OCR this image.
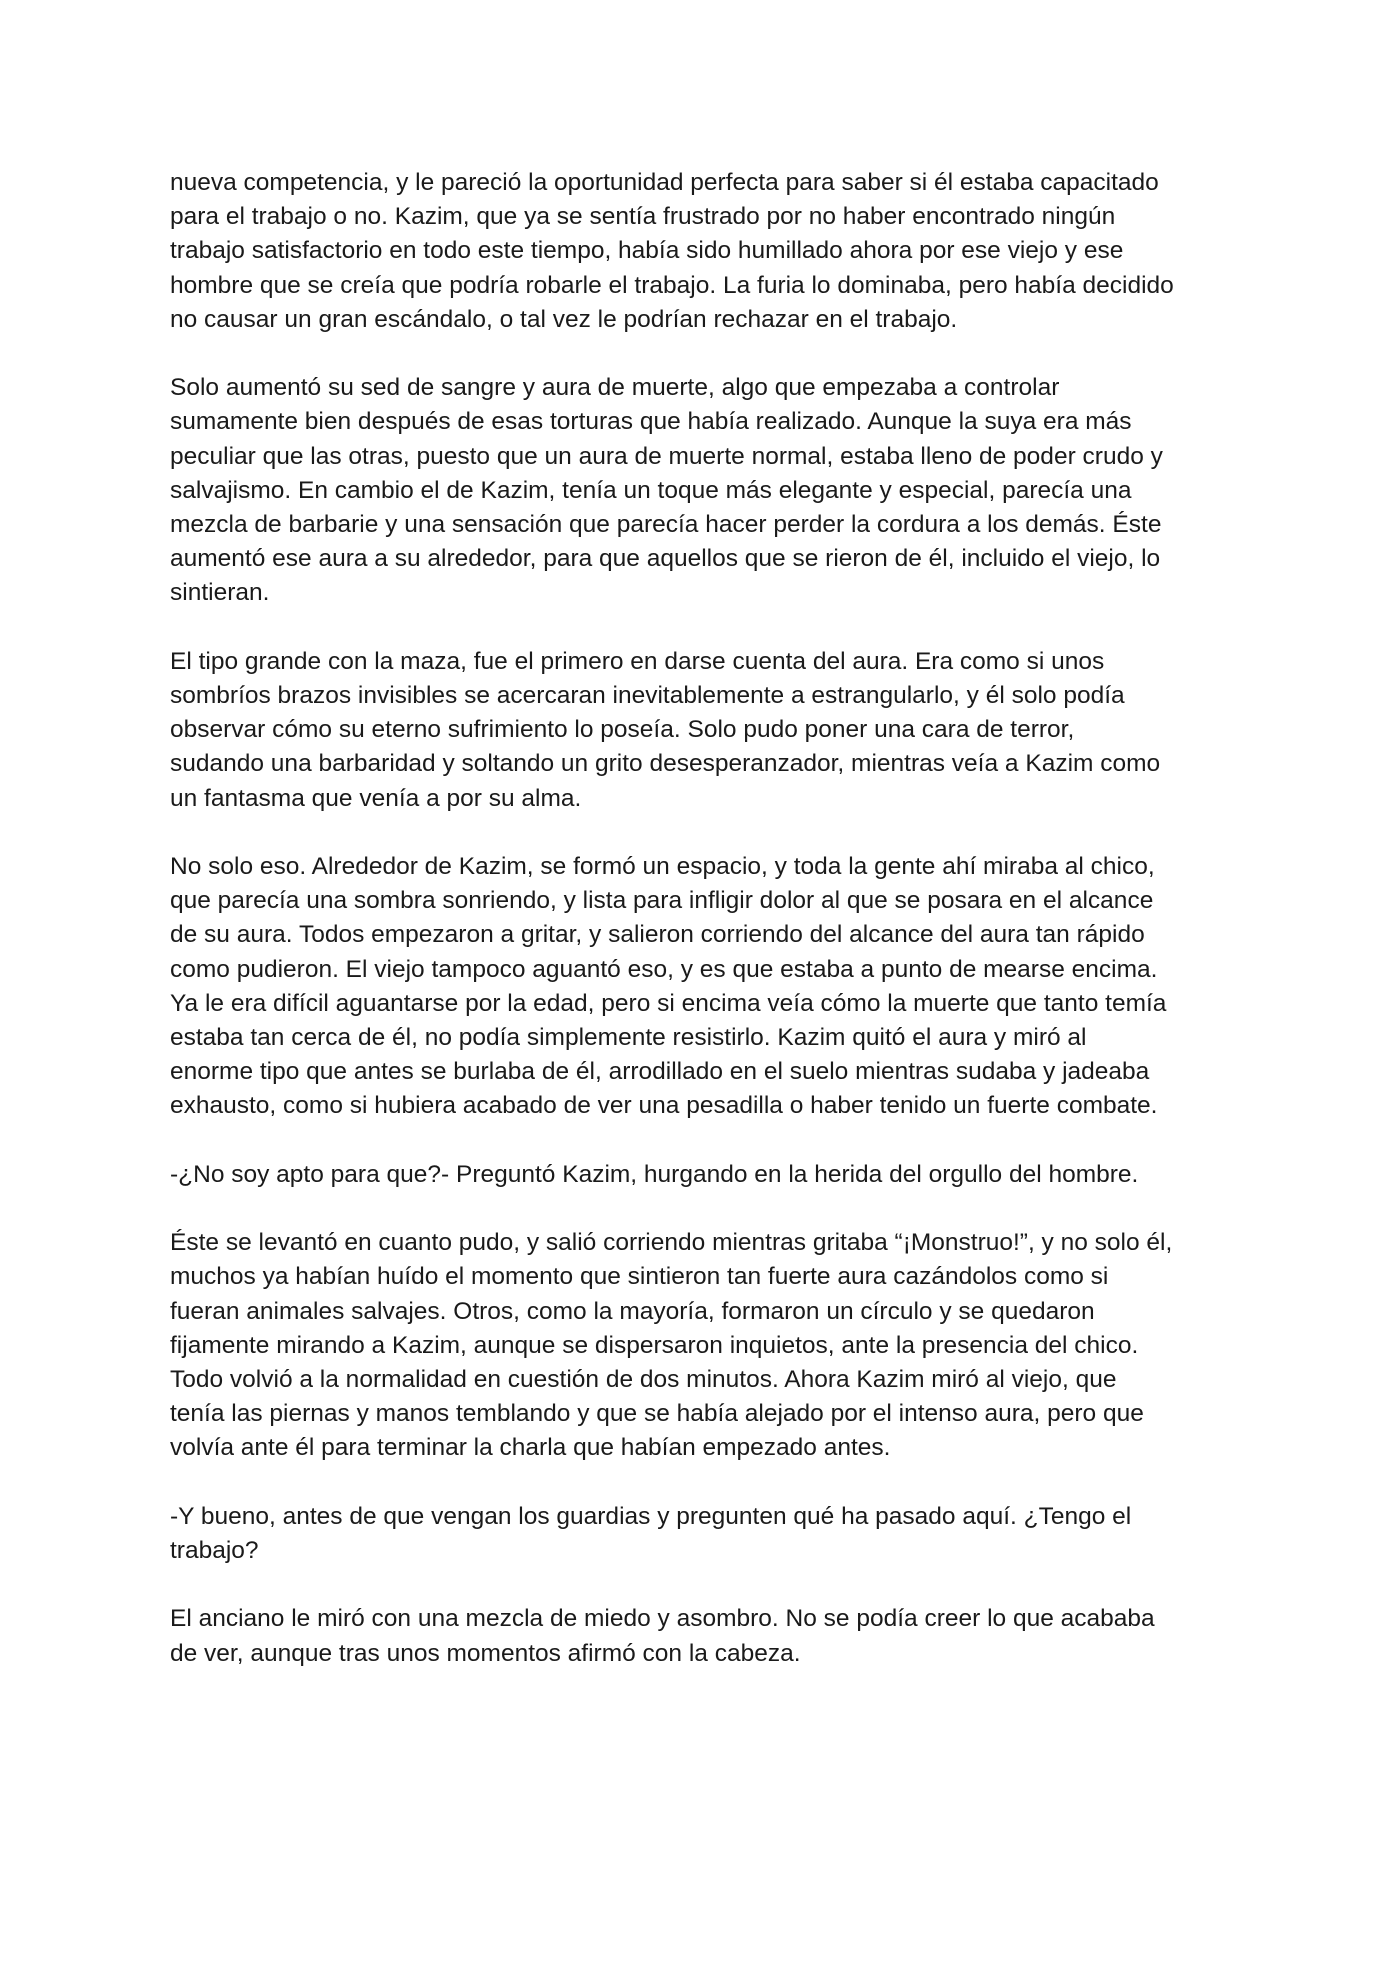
nueva competencia, y le pareció la oportunidad perfecta para saber si él estaba capacitado
para el trabajo o no. Kazim, que ya se sentía frustrado por no haber encontrado ningún
trabajo satisfactorio en todo este tiempo, había sido humillado ahora por ese viejo y ese
hombre que se creía que podría robarle el trabajo. La furia lo dominaba, pero había decidido
no causar un gran escándalo, o tal vez le podrían rechazar en el trabajo.

Solo aumentó su sed de sangre y aura de muerte, algo que empezaba a controlar
sumamente bien después de esas torturas que había realizado. Aunque la suya era más
peculiar que las otras, puesto que un aura de muerte normal, estaba lleno de poder crudo y
salvajismo. En cambio el de Kazim, tenía un toque más elegante y especial, parecía una
mezcla de barbarie y una sensación que parecía hacer perder la cordura a los demás. Éste
aumentó ese aura a su alrededor, para que aquellos que se rieron de él, incluido el viejo, lo
sintieran.

El tipo grande con la maza, fue el primero en darse cuenta del aura. Era como si unos
sombríos brazos invisibles se acercaran inevitablemente a estrangularlo, y él solo podía
observar cómo su eterno sufrimiento lo poseía. Solo pudo poner una cara de terror,
sudando una barbaridad y soltando un grito desesperanzador, mientras veía a Kazim como
un fantasma que venía a por su alma.

No solo eso. Alrededor de Kazim, se formó un espacio, y toda la gente ahí miraba al chico,
que parecía una sombra sonriendo, y lista para infligir dolor al que se posara en el alcance
de su aura. Todos empezaron a gritar, y salieron corriendo del alcance del aura tan rápido
como pudieron. El viejo tampoco aguantó eso, y es que estaba a punto de mearse encima.
Ya le era difícil aguantarse por la edad, pero si encima veía cómo la muerte que tanto temía
estaba tan cerca de él, no podía simplemente resistirlo. Kazim quitó el aura y miró al
enorme tipo que antes se burlaba de él, arrodillado en el suelo mientras sudaba y jadeaba
exhausto, como si hubiera acabado de ver una pesadilla o haber tenido un fuerte combate.

-¿No soy apto para que?- Preguntó Kazim, hurgando en la herida del orgullo del hombre.

Éste se levantó en cuanto pudo, y salió corriendo mientras gritaba “¡Monstruo!”, y no solo él,
muchos ya habían huído el momento que sintieron tan fuerte aura cazándolos como si
fueran animales salvajes. Otros, como la mayoría, formaron un círculo y se quedaron
fijamente mirando a Kazim, aunque se dispersaron inquietos, ante la presencia del chico.
Todo volvió a la normalidad en cuestión de dos minutos. Ahora Kazim miró al viejo, que
tenía las piernas y manos temblando y que se había alejado por el intenso aura, pero que
volvía ante él para terminar la charla que habían empezado antes.

-Y bueno, antes de que vengan los guardias y pregunten qué ha pasado aquí. ¿Tengo el
trabajo?

El anciano le miró con una mezcla de miedo y asombro. No se podía creer lo que acababa
de ver, aunque tras unos momentos afirmó con la cabeza.
